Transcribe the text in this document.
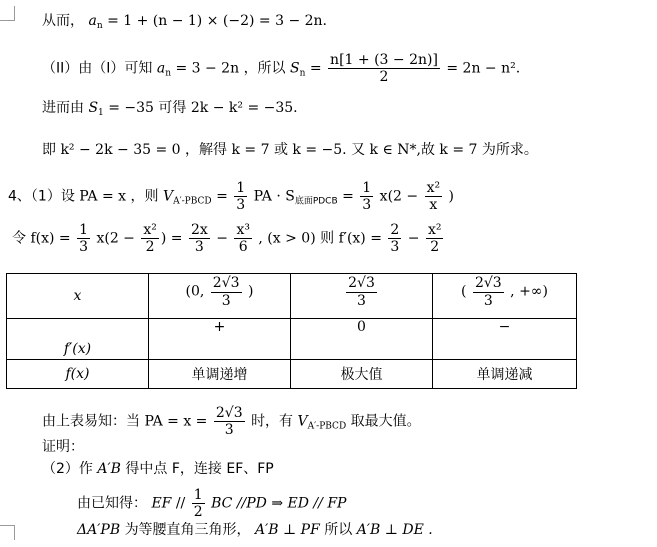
从而， $a_n = 1 + (n - 1) \times (-2) = 3 - 2n$.
（II）由（I）可知 $a_n = 3 - 2n$ ，所以 $S_n = \frac{n[1 + (3 - 2n)]}{2} = 2n - n^2$.
进而由 $S_1 = -35$ 可得 2k − k² = −35.
即 k² − 2k − 35 = 0 ，解得 k = 7 或 k = −5. 又 k ∈ N*,故 k = 7 为所求。
4、（1）设 PA = x ，则 $V_{A'-PBCD} = \frac{1}{3}$ PA · $S_{底面PDCB} = \frac{1}{3} x(2 - \frac{\text{x²}}{x}$ )
令 $f(x) = \frac{1}{3} x(2 - \frac{\text{x²}}{2}$ ) = $\frac{2x}{3} - \frac{\text{x³}}{6}$ , (x > 0) 则 $f'(x) = \frac{2}{3} - \frac{\text{x²}}{2}$
x	(0, $\frac{2√3}{3}$ )	$\frac{2√3}{3}$	( $\frac{2√3}{3}$ , +∞)

f′(x)	+	0	−
f(x)	单调递增	极大值	单调递减
由上表易知：当 PA = $x = \frac{2√3}{3}$ 时，有 $V_{A'-PBCD}$ 取最大值。
证明：
（2）作 A′B 得中点 F，连接 EF、FP
由已知得： EF // $\frac{1}{2}$ BC //PD ⇒ ED // FP
ΔA′PB 为等腰直角三角形， A′B ⊥ PF 所以 A′B ⊥ DE .
